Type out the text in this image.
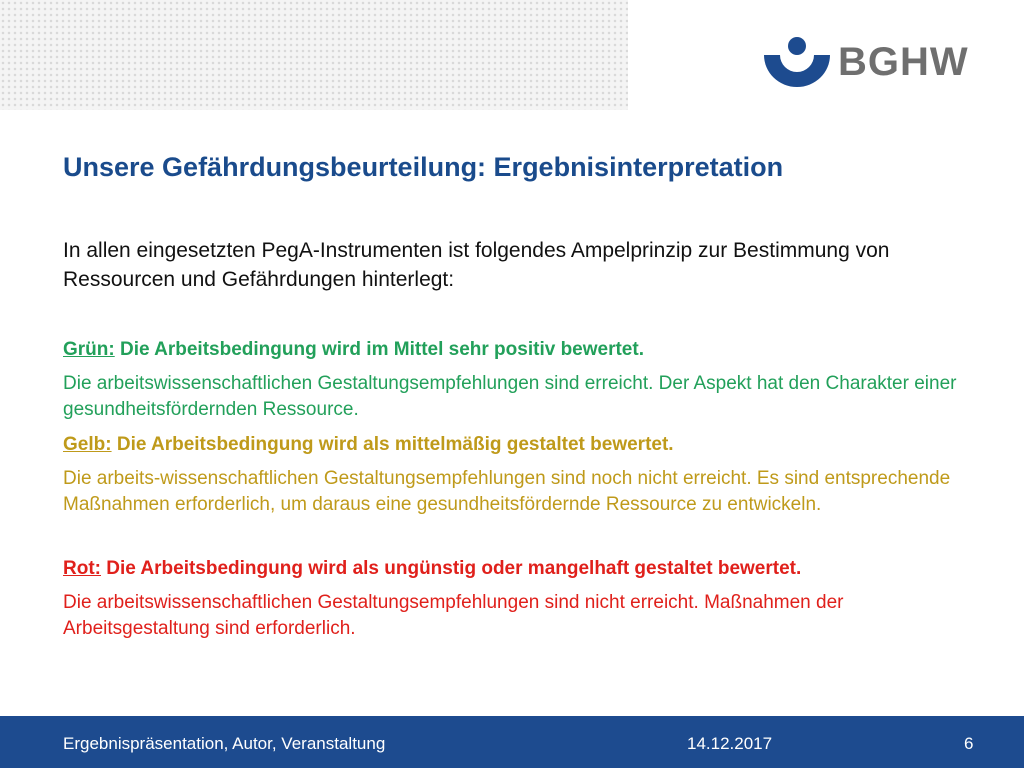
BGHW
Unsere Gefährdungsbeurteilung: Ergebnisinterpretation

In allen eingesetzten PegA-Instrumenten ist folgendes Ampelprinzip zur Bestimmung von Ressourcen und Gefährdungen hinterlegt:

Grün: Die Arbeitsbedingung wird im Mittel sehr positiv bewertet.

Die arbeitswissenschaftlichen Gestaltungsempfehlungen sind erreicht. Der Aspekt hat den Charakter einer gesundheitsfördernden Ressource.

Gelb: Die Arbeitsbedingung wird als mittelmäßig gestaltet bewertet.

Die arbeits-wissenschaftlichen Gestaltungsempfehlungen sind noch nicht erreicht. Es sind entsprechende Maßnahmen erforderlich, um daraus eine gesundheitsfördernde Ressource zu entwickeln.

Rot: Die Arbeitsbedingung wird als ungünstig oder mangelhaft gestaltet bewertet.

Die arbeitswissenschaftlichen Gestaltungsempfehlungen sind nicht erreicht. Maßnahmen der Arbeitsgestaltung sind erforderlich.

Ergebnispräsentation, Autor, Veranstaltung	14.12.2017	6
